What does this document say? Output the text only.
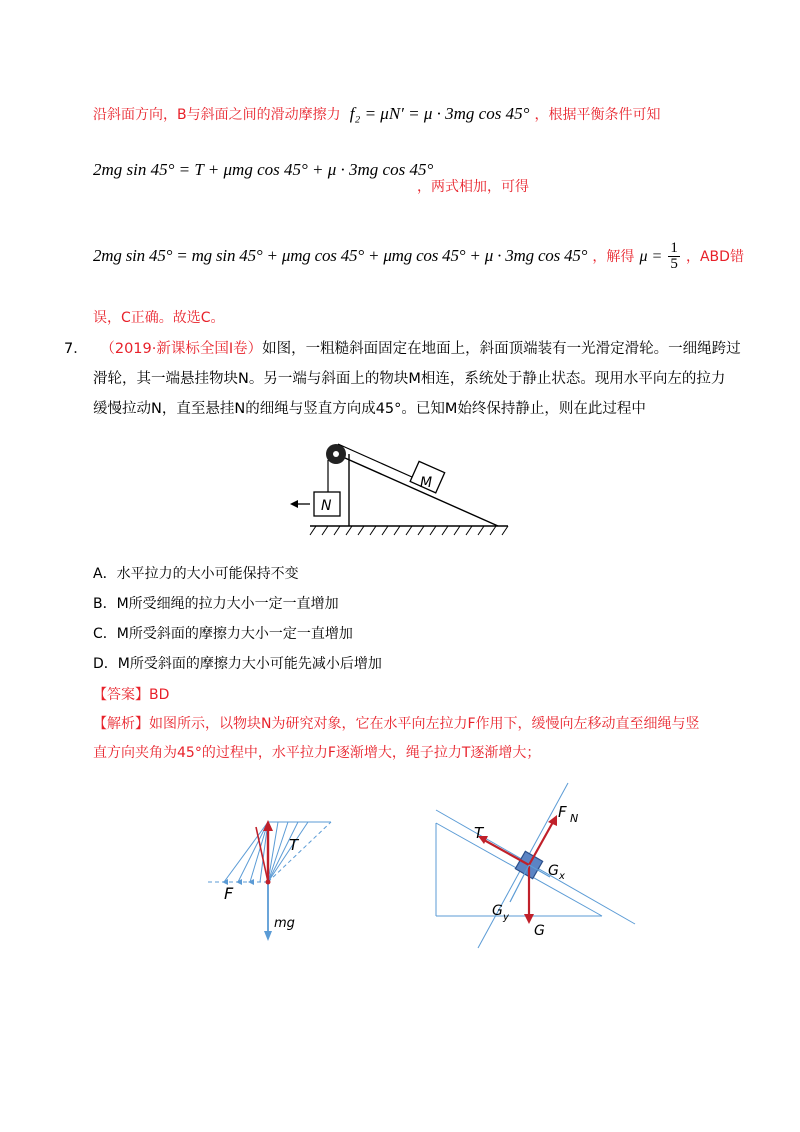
沿斜面方向，B与斜面之间的滑动摩擦力 f₂ = μN′ = μ · 3mg cos 45° ，根据平衡条件可知
2mg sin 45° = T + μmg cos 45° + μ · 3mg cos 45°
，两式相加，可得
2mg sin 45° = mg sin 45° + μmg cos 45° + μmg cos 45° + μ · 3mg cos 45° ，解得 $\mu = \frac{1}{5}$ ，ABD错
误，C正确。故选C。
7． （2019·新课标全国Ⅰ卷）如图，一粗糙斜面固定在地面上，斜面顶端装有一光滑定滑轮。一细绳跨过
滑轮，其一端悬挂物块N。另一端与斜面上的物块M相连，系统处于静止状态。现用水平向左的拉力
缓慢拉动N，直至悬挂N的细绳与竖直方向成45°。已知M始终保持静止，则在此过程中
M
N
A．水平拉力的大小可能保持不变
B．M所受细绳的拉力大小一定一直增加
C．M所受斜面的摩擦力大小一定一直增加
D．M所受斜面的摩擦力大小可能先减小后增加
【答案】BD
【解析】如图所示，以物块N为研究对象，它在水平向左拉力F作用下，缓慢向左移动直至细绳与竖
直方向夹角为45°的过程中，水平拉力F逐渐增大，绳子拉力T逐渐增大；
F
T
mg
T
F N
G x
G y
G
